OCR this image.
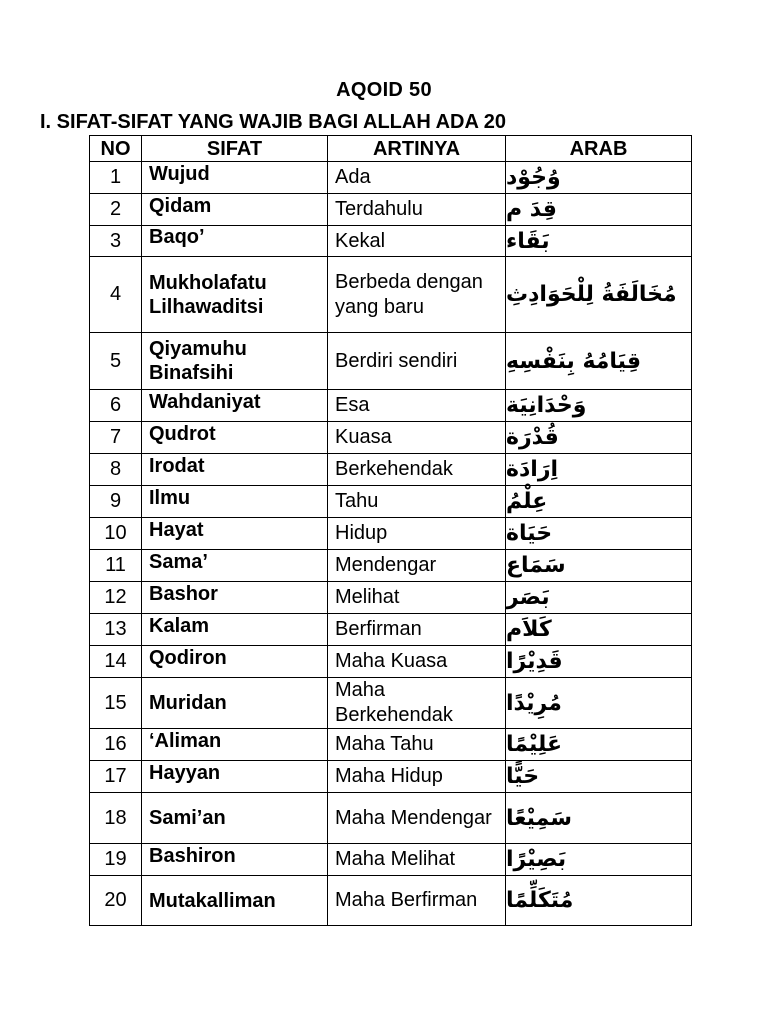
AQOID 50
I. SIFAT-SIFAT YANG WAJIB BAGI ALLAH ADA 20
NO	SIFAT	ARTINYA	ARAB
1	Wujud	Ada	وُجُوْد
2	Qidam	Terdahulu	قِدَ م
3	Baqo’	Kekal	بَقَاء
4	Mukholafatu Lilhawaditsi	Berbeda dengan yang baru	مُخَالَفَةُ لِلْحَوَادِثِ
5	Qiyamuhu Binafsihi	Berdiri sendiri	قِيَامُهُ بِنَفْسِهِ
6	Wahdaniyat	Esa	وَحْدَانِيَة
7	Qudrot	Kuasa	قُدْرَة
8	Irodat	Berkehendak	اِرَادَة
9	Ilmu	Tahu	عِلْمُ
10	Hayat	Hidup	حَيَاة
11	Sama’	Mendengar	سَمَاع
12	Bashor	Melihat	بَصَر
13	Kalam	Berfirman	كَلاَم
14	Qodiron	Maha Kuasa	قَدِيْرًا
15	Muridan	Maha Berkehendak	مُرِيْدًا
16	‘Aliman	Maha Tahu	عَلِيْمًا
17	Hayyan	Maha Hidup	حَيًّا
18	Sami’an	Maha Mendengar	سَمِيْعًا
19	Bashiron	Maha Melihat	بَصِيْرًا
20	Mutakalliman	Maha Berfirman	مُتَكَلِّمًا
